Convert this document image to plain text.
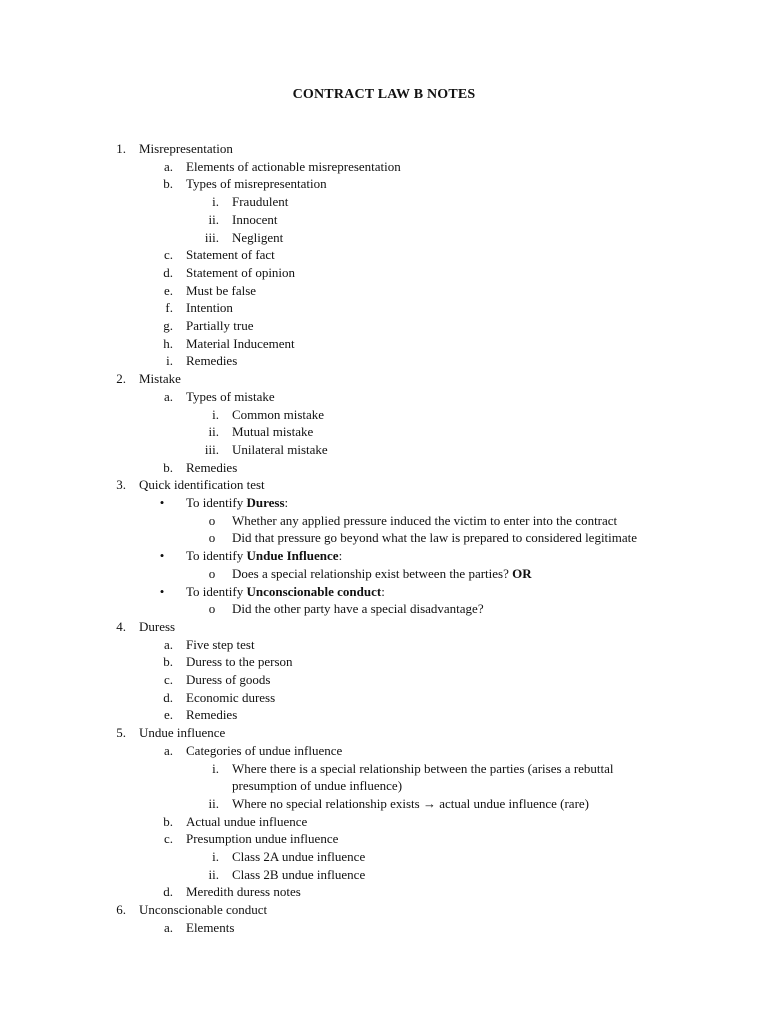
CONTRACT LAW B NOTES
1. Misrepresentation
a. Elements of actionable misrepresentation
b. Types of misrepresentation
i. Fraudulent
ii. Innocent
iii. Negligent
c. Statement of fact
d. Statement of opinion
e. Must be false
f. Intention
g. Partially true
h. Material Inducement
i. Remedies
2. Mistake
a. Types of mistake
i. Common mistake
ii. Mutual mistake
iii. Unilateral mistake
b. Remedies
3. Quick identification test
• To identify Duress:
o Whether any applied pressure induced the victim to enter into the contract
o Did that pressure go beyond what the law is prepared to considered legitimate
• To identify Undue Influence:
o Does a special relationship exist between the parties? OR
• To identify Unconscionable conduct:
o Did the other party have a special disadvantage?
4. Duress
a. Five step test
b. Duress to the person
c. Duress of goods
d. Economic duress
e. Remedies
5. Undue influence
a. Categories of undue influence
i. Where there is a special relationship between the parties (arises a rebuttal
presumption of undue influence)
ii. Where no special relationship exists → actual undue influence (rare)
b. Actual undue influence
c. Presumption undue influence
i. Class 2A undue influence
ii. Class 2B undue influence
d. Meredith duress notes
6. Unconscionable conduct
a. Elements
